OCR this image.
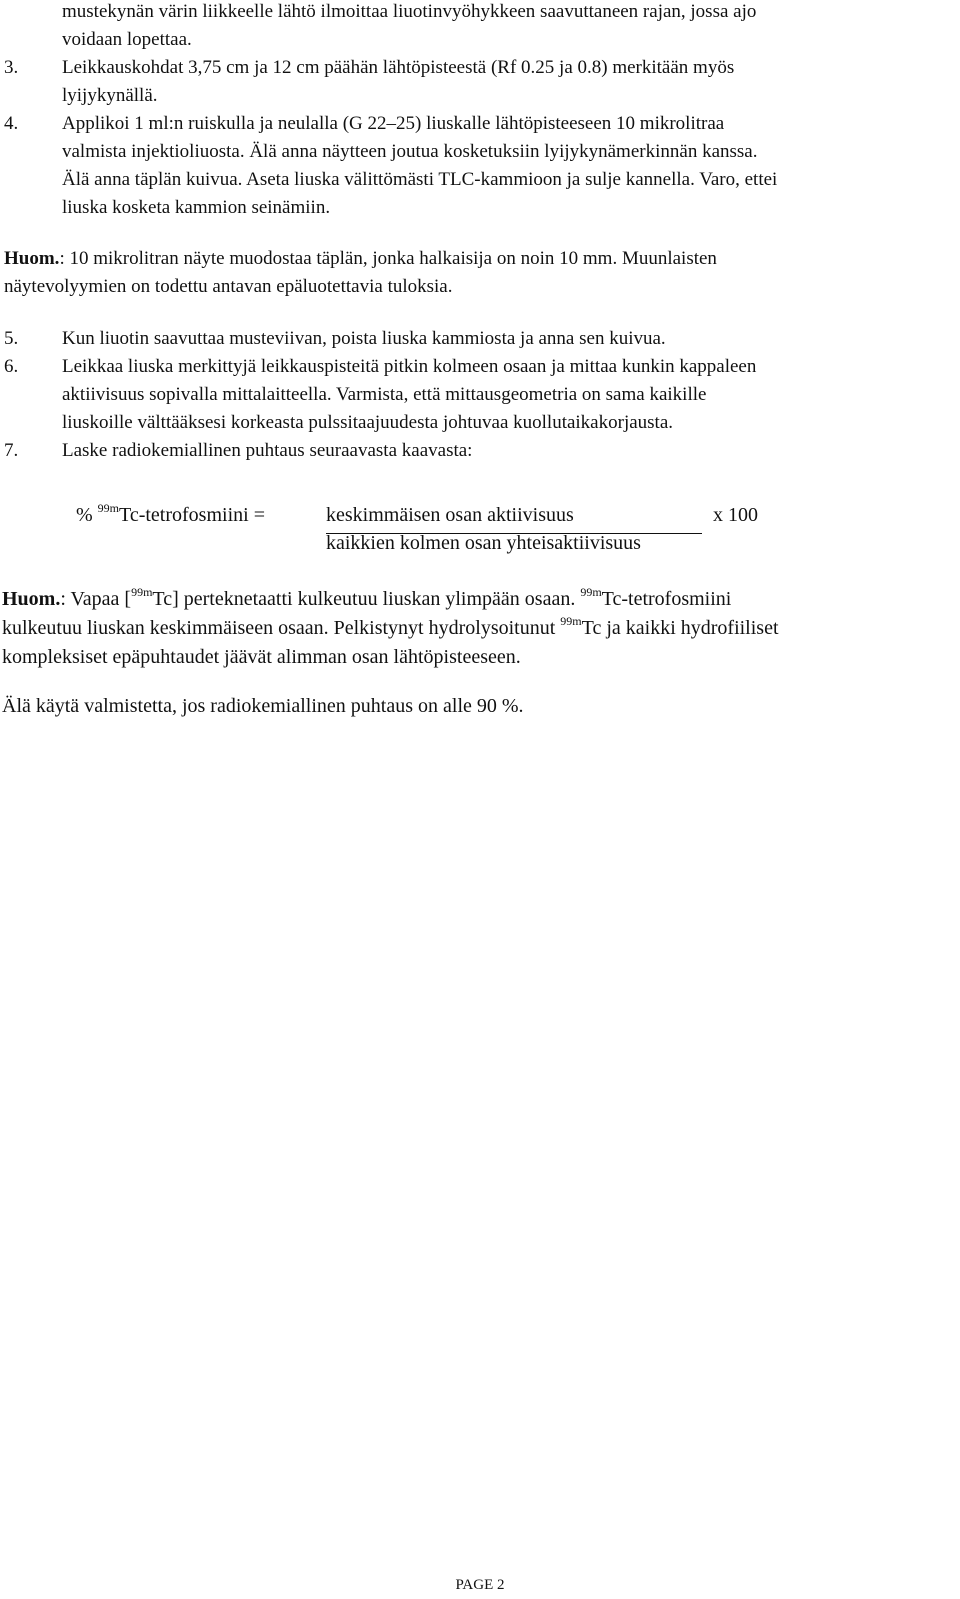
mustekynän värin liikkeelle lähtö ilmoittaa liuotinvyöhykkeen saavuttaneen rajan, jossa ajo
voidaan lopettaa.
3. Leikkauskohdat 3,75 cm ja 12 cm päähän lähtöpisteestä (Rf 0.25 ja 0.8) merkitään myös
lyijykynällä.
4. Applikoi 1 ml:n ruiskulla ja neulalla (G 22–25) liuskalle lähtöpisteeseen 10 mikrolitraa
valmista injektioliuosta. Älä anna näytteen joutua kosketuksiin lyijykynämerkinnän kanssa.
Älä anna täplän kuivua. Aseta liuska välittömästi TLC-kammioon ja sulje kannella. Varo, ettei
liuska kosketa kammion seinämiin.
Huom.: 10 mikrolitran näyte muodostaa täplän, jonka halkaisija on noin 10 mm. Muunlaisten
näytevolyymien on todettu antavan epäluotettavia tuloksia.
5. Kun liuotin saavuttaa musteviivan, poista liuska kammiosta ja anna sen kuivua.
6. Leikkaa liuska merkittyjä leikkauspisteitä pitkin kolmeen osaan ja mittaa kunkin kappaleen
aktiivisuus sopivalla mittalaitteella. Varmista, että mittausgeometria on sama kaikille
liuskoille välttääksesi korkeasta pulssitaajuudesta johtuvaa kuollutaikakorjausta.
7. Laske radiokemiallinen puhtaus seuraavasta kaavasta:
% $^{99m}$Tc-tetrofosmiini =	keskimmäisen osan aktiivisuus
kaikkien kolmen osan yhteisaktiivisuus
x 100
Huom.: Vapaa [$^{99m}$Tc] perteknetaatti kulkeutuu liuskan ylimpään osaan. $^{99m}$Tc-tetrofosmiini
kulkeutuu liuskan keskimmäiseen osaan. Pelkistynyt hydrolysoitunut $^{99m}$Tc ja kaikki hydrofiiliset
kompleksiset epäpuhtaudet jäävät alimman osan lähtöpisteeseen.
Älä käytä valmistetta, jos radiokemiallinen puhtaus on alle 90 %.
PAGE 2
